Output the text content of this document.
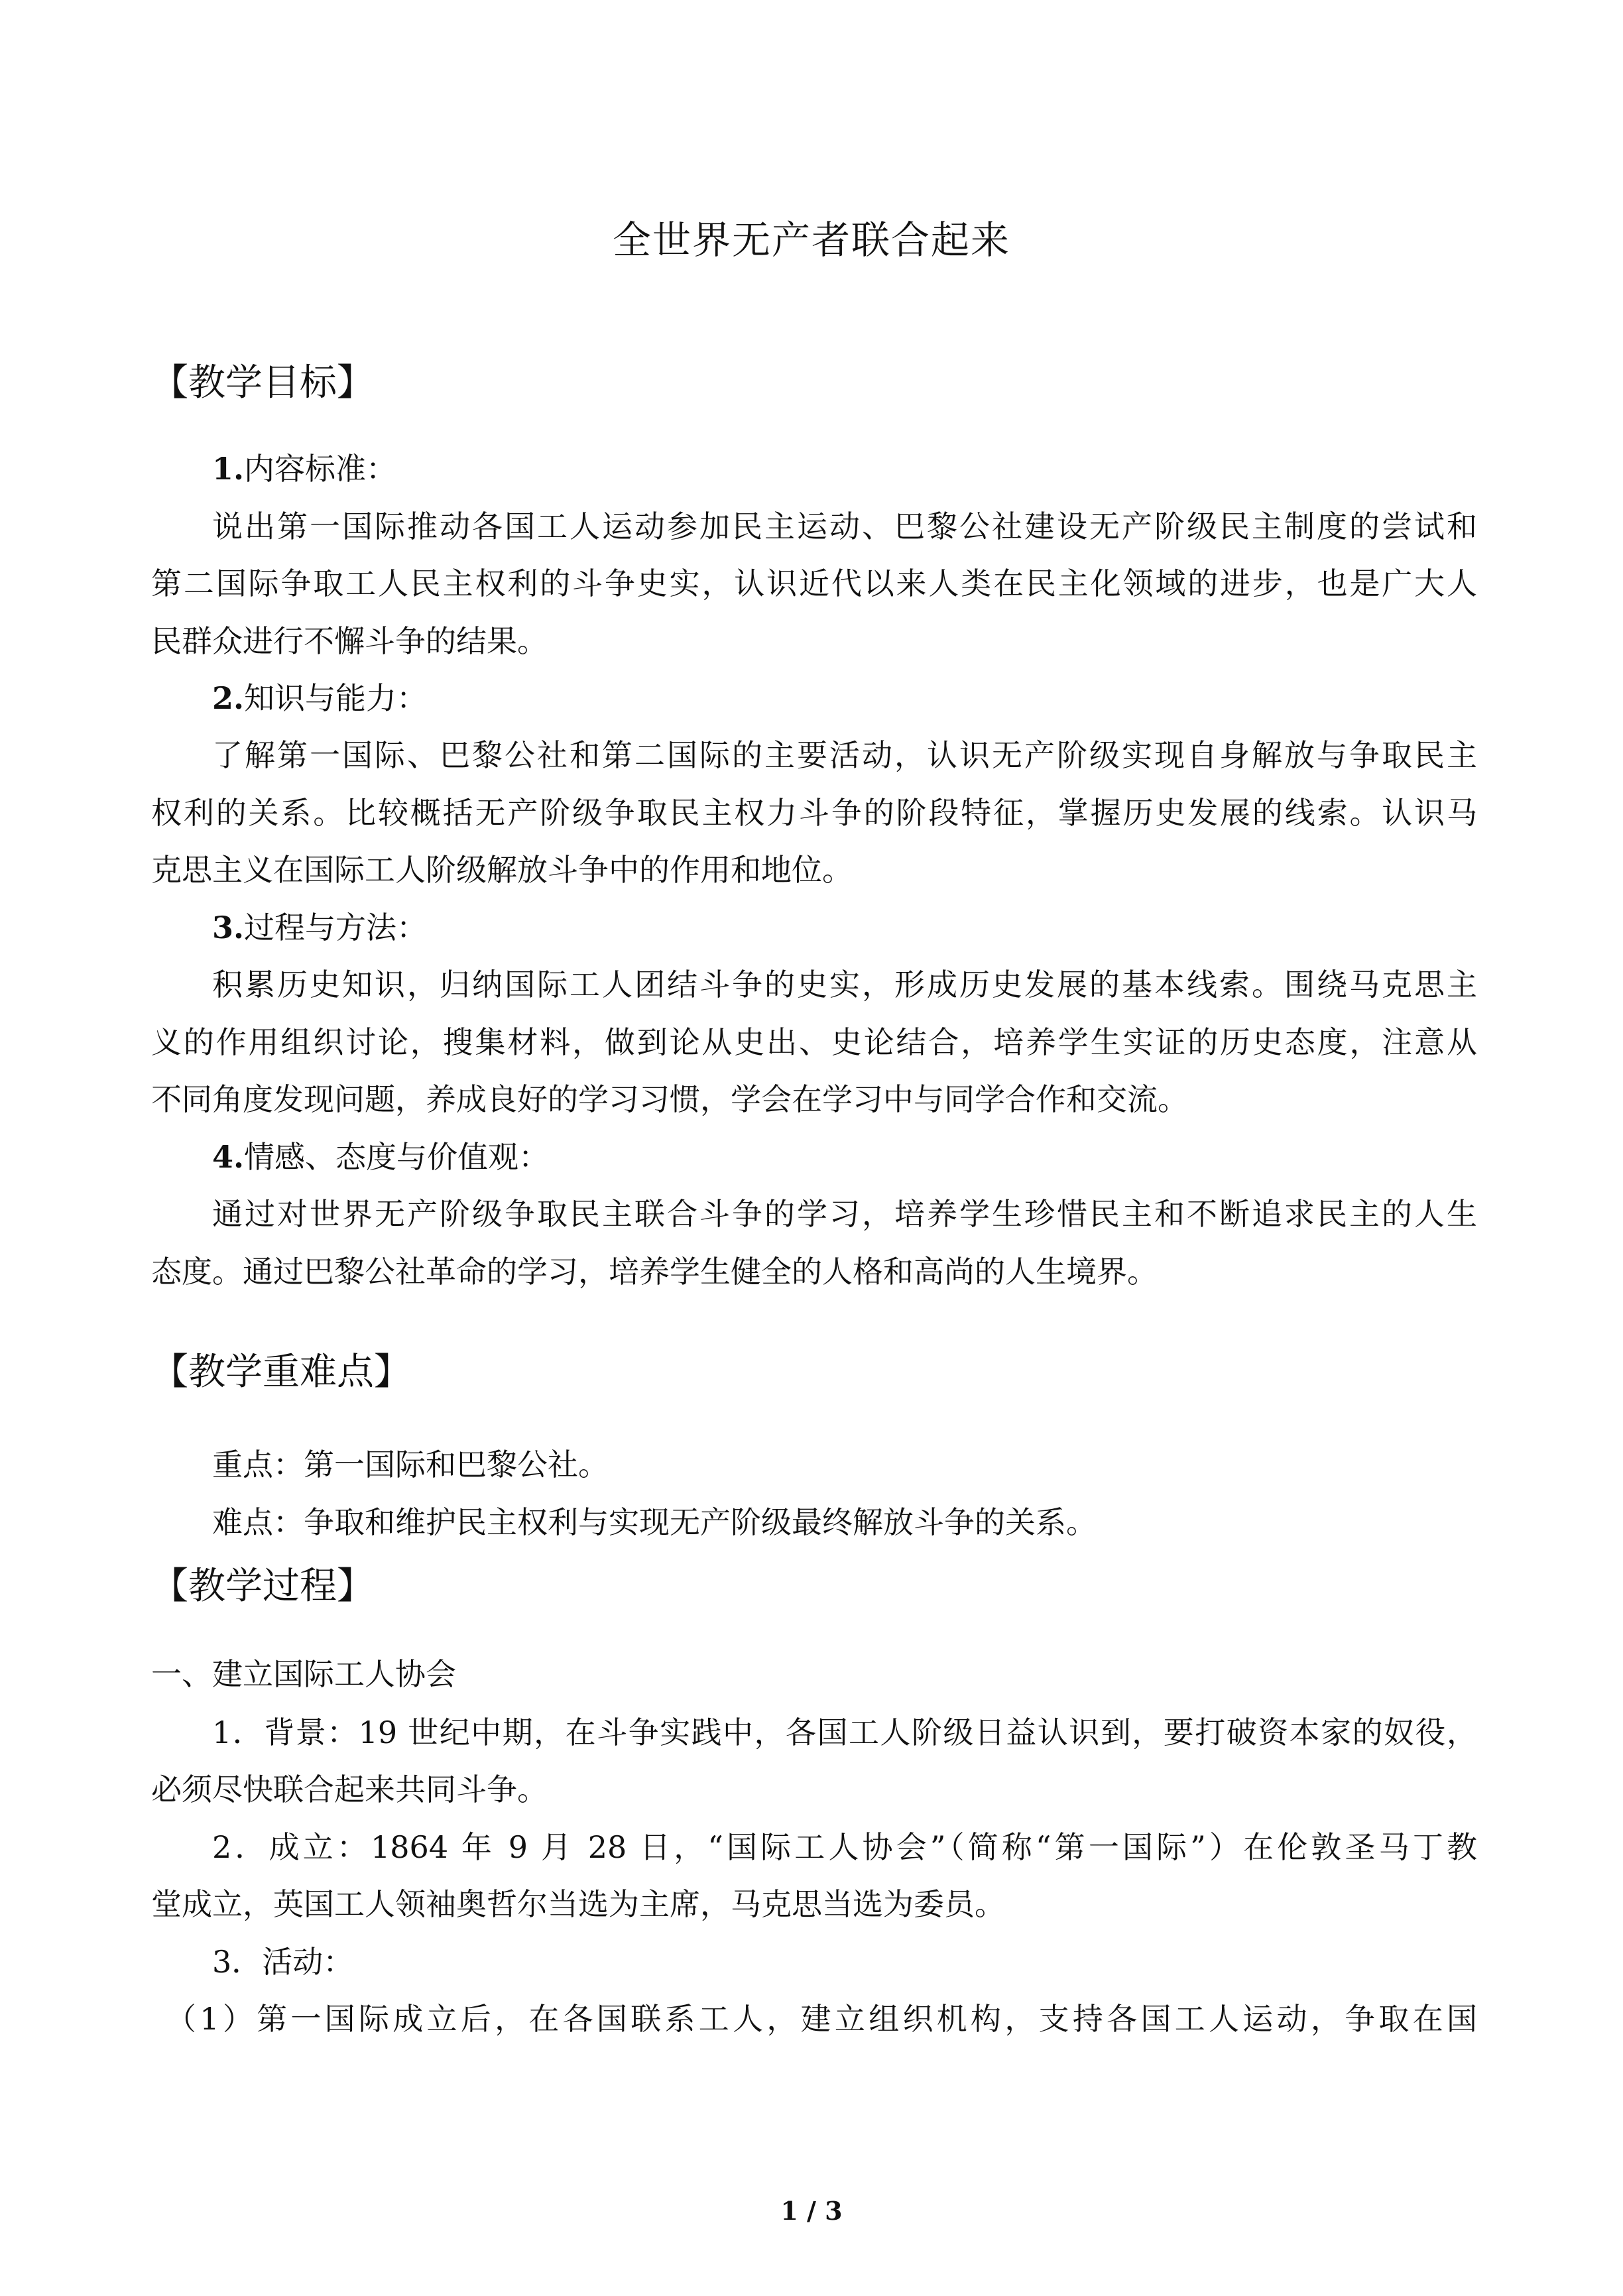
全世界无产者联合起来
【教学目标】
1.内容标准：
说出第一国际推动各国工人运动参加民主运动、巴黎公社建设无产阶级民主制度的尝试和
第二国际争取工人民主权利的斗争史实，认识近代以来人类在民主化领域的进步，也是广大人
民群众进行不懈斗争的结果。
2.知识与能力：
了解第一国际、巴黎公社和第二国际的主要活动，认识无产阶级实现自身解放与争取民主
权利的关系。比较概括无产阶级争取民主权力斗争的阶段特征，掌握历史发展的线索。认识马
克思主义在国际工人阶级解放斗争中的作用和地位。
3.过程与方法：
积累历史知识，归纳国际工人团结斗争的史实，形成历史发展的基本线索。围绕马克思主
义的作用组织讨论，搜集材料，做到论从史出、史论结合，培养学生实证的历史态度，注意从
不同角度发现问题，养成良好的学习习惯，学会在学习中与同学合作和交流。
4.情感、态度与价值观：
通过对世界无产阶级争取民主联合斗争的学习，培养学生珍惜民主和不断追求民主的人生
态度。通过巴黎公社革命的学习，培养学生健全的人格和高尚的人生境界。
【教学重难点】
重点：第一国际和巴黎公社。
难点：争取和维护民主权利与实现无产阶级最终解放斗争的关系。
【教学过程】
一、建立国际工人协会
1．背景：19 世纪中期，在斗争实践中，各国工人阶级日益认识到，要打破资本家的奴役，
必须尽快联合起来共同斗争。
2．成立：1864 年 9 月 28 日，“国际工人协会”（简称“第一国际”）在伦敦圣马丁教
堂成立，英国工人领袖奥哲尔当选为主席，马克思当选为委员。
3．活动：
（1）第一国际成立后，在各国联系工人，建立组织机构，支持各国工人运动，争取在国
1 / 3
